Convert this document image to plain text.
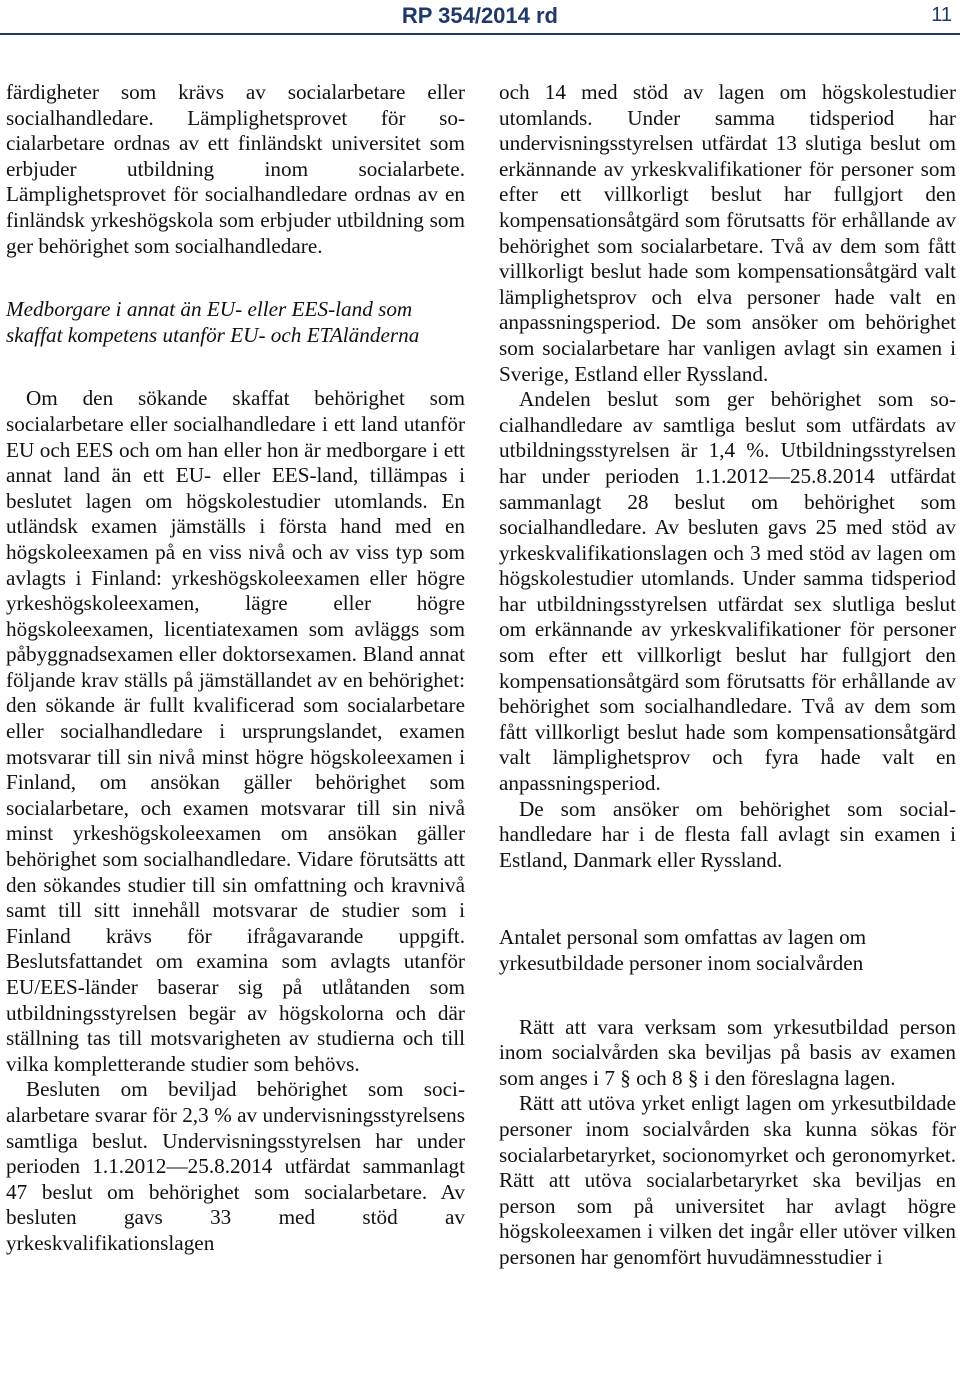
RP 354/2014 rd	11

färdigheter som krävs av socialarbetare eller socialhandledare. Lämplighetsprovet för socialarbetare ordnas av ett finländskt universitet som erbjuder utbildning inom socialarbete. Lämplighetsprovet för socialhandledare ordnas av en finländsk yrkeshögskola som erbjuder utbildning som ger behörighet som socialhandledare.

Medborgare i annat än EU- eller EES-land som skaffat kompetens utanför EU- och ETAländerna

Om den sökande skaffat behörighet som socialarbetare eller socialhandledare i ett land utanför EU och EES och om han eller hon är medborgare i ett annat land än ett EU- eller EES-land, tillämpas i beslutet lagen om högskolestudier utomlands. En utländsk examen jämställs i första hand med en högskoleexamen på en viss nivå och av viss typ som avlagts i Finland: yrkeshögskoleexamen eller högre yrkeshögskoleexamen, lägre eller högre högskoleexamen, licentiatexamen som avläggs som påbyggnadsexamen eller doktorsexamen. Bland annat följande krav ställs på jämställandet av en behörighet: den sökande är fullt kvalificerad som socialarbetare eller socialhandledare i ursprungslandet, examen motsvarar till sin nivå minst högre högskoleexamen i Finland, om ansökan gäller behörighet som socialarbetare, och examen motsvarar till sin nivå minst yrkeshögskoleexamen om ansökan gäller behörighet som socialhandledare. Vidare förutsätts att den sökandes studier till sin omfattning och kravnivå samt till sitt innehåll motsvarar de studier som i Finland krävs för ifrågavarande uppgift. Beslutsfattandet om examina som avlagts utanför EU/EES-länder baserar sig på utlåtanden som utbildningsstyrelsen begär av högskolorna och där ställning tas till motsvarigheten av studierna och till vilka kompletterande studier som behövs.

Besluten om beviljad behörighet som socialarbetare svarar för 2,3 % av undervisningsstyrelsens samtliga beslut. Undervisningsstyrelsen har under perioden 1.1.2012—25.8.2014 utfärdat sammanlagt 47 beslut om behörighet som socialarbetare. Av besluten gavs 33 med stöd av yrkeskvalifikationslagen

och 14 med stöd av lagen om högskolestudier utomlands. Under samma tidsperiod har undervisningsstyrelsen utfärdat 13 slutiga beslut om erkännande av yrkeskvalifikationer för personer som efter ett villkorligt beslut har fullgjort den kompensationsåtgärd som förutsatts för erhållande av behörighet som socialarbetare. Två av dem som fått villkorligt beslut hade som kompensationsåtgärd valt lämplighetsprov och elva personer hade valt en anpassningsperiod. De som ansöker om behörighet som socialarbetare har vanligen avlagt sin examen i Sverige, Estland eller Ryssland.

Andelen beslut som ger behörighet som socialhandledare av samtliga beslut som utfärdats av utbildningsstyrelsen är 1,4 %. Utbildningsstyrelsen har under perioden 1.1.2012—25.8.2014 utfärdat sammanlagt 28 beslut om behörighet som socialhandledare. Av besluten gavs 25 med stöd av yrkeskvalifikationslagen och 3 med stöd av lagen om högskolestudier utomlands. Under samma tidsperiod har utbildningsstyrelsen utfärdat sex slutliga beslut om erkännande av yrkeskvalifikationer för personer som efter ett villkorligt beslut har fullgjort den kompensationsåtgärd som förutsatts för erhållande av behörighet som socialhandledare. Två av dem som fått villkorligt beslut hade som kompensationsåtgärd valt lämplighetsprov och fyra hade valt en anpassningsperiod.

De som ansöker om behörighet som socialhandledare har i de flesta fall avlagt sin examen i Estland, Danmark eller Ryssland.

Antalet personal som omfattas av lagen om yrkesutbildade personer inom socialvården

Rätt att vara verksam som yrkesutbildad person inom socialvården ska beviljas på basis av examen som anges i 7 § och 8 § i den föreslagna lagen.

Rätt att utöva yrket enligt lagen om yrkesutbildade personer inom socialvården ska kunna sökas för socialarbetaryrket, socionomyrket och geronomyrket. Rätt att utöva socialarbetaryrket ska beviljas en person som på universitet har avlagt högre högskoleexamen i vilken det ingår eller utöver vilken personen har genomfört huvudämnesstudier i
